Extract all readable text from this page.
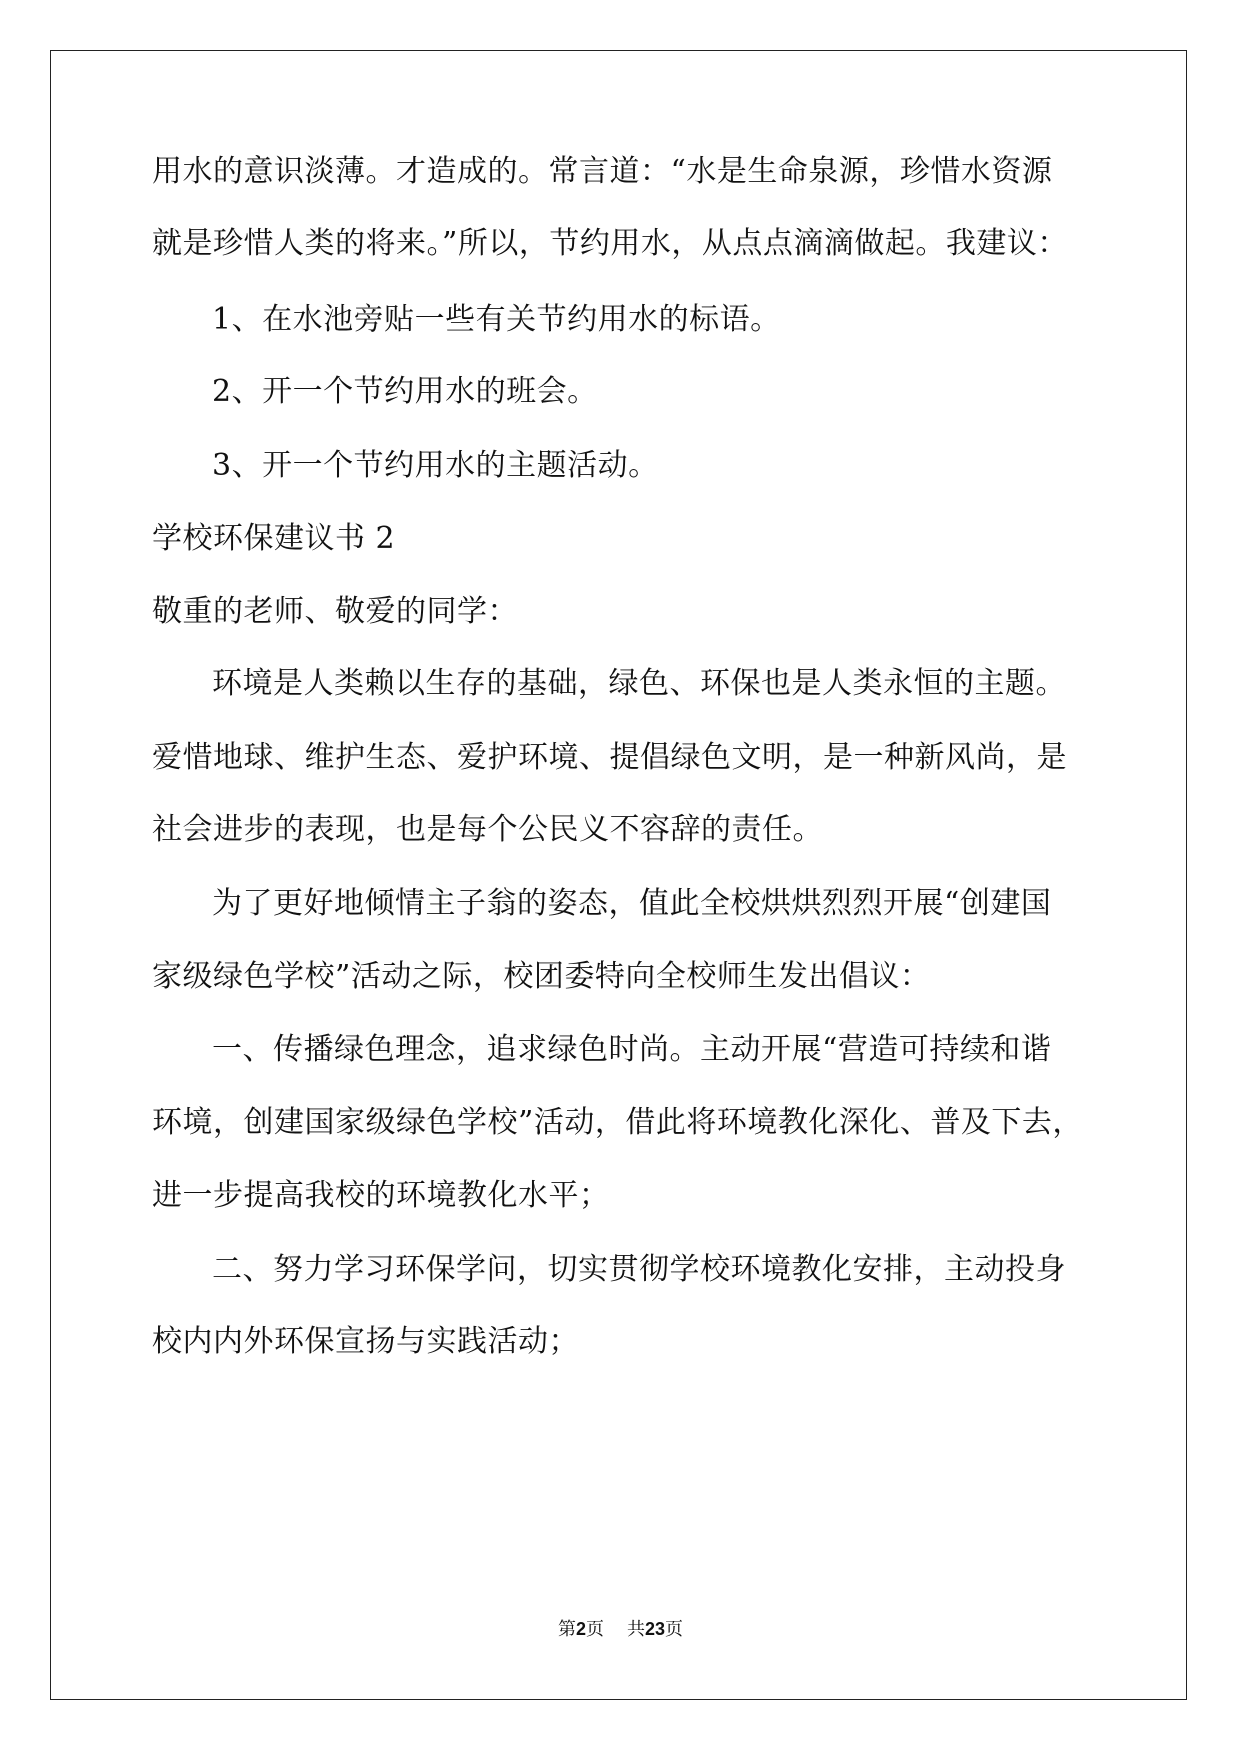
用水的意识淡薄。才造成的。常言道：“水是生命泉源，珍惜水资源
就是珍惜人类的将来。”所以，节约用水，从点点滴滴做起。我建议：
1、在水池旁贴一些有关节约用水的标语。
2、开一个节约用水的班会。
3、开一个节约用水的主题活动。
学校环保建议书 2
敬重的老师、敬爱的同学：
环境是人类赖以生存的基础，绿色、环保也是人类永恒的主题。
爱惜地球、维护生态、爱护环境、提倡绿色文明，是一种新风尚，是
社会进步的表现，也是每个公民义不容辞的责任。
为了更好地倾情主子翁的姿态，值此全校烘烘烈烈开展“创建国
家级绿色学校”活动之际，校团委特向全校师生发出倡议：
一、传播绿色理念，追求绿色时尚。主动开展“营造可持续和谐
环境，创建国家级绿色学校”活动，借此将环境教化深化、普及下去，
进一步提高我校的环境教化水平；
二、努力学习环保学问，切实贯彻学校环境教化安排，主动投身
校内内外环保宣扬与实践活动；
第2页 共23页
